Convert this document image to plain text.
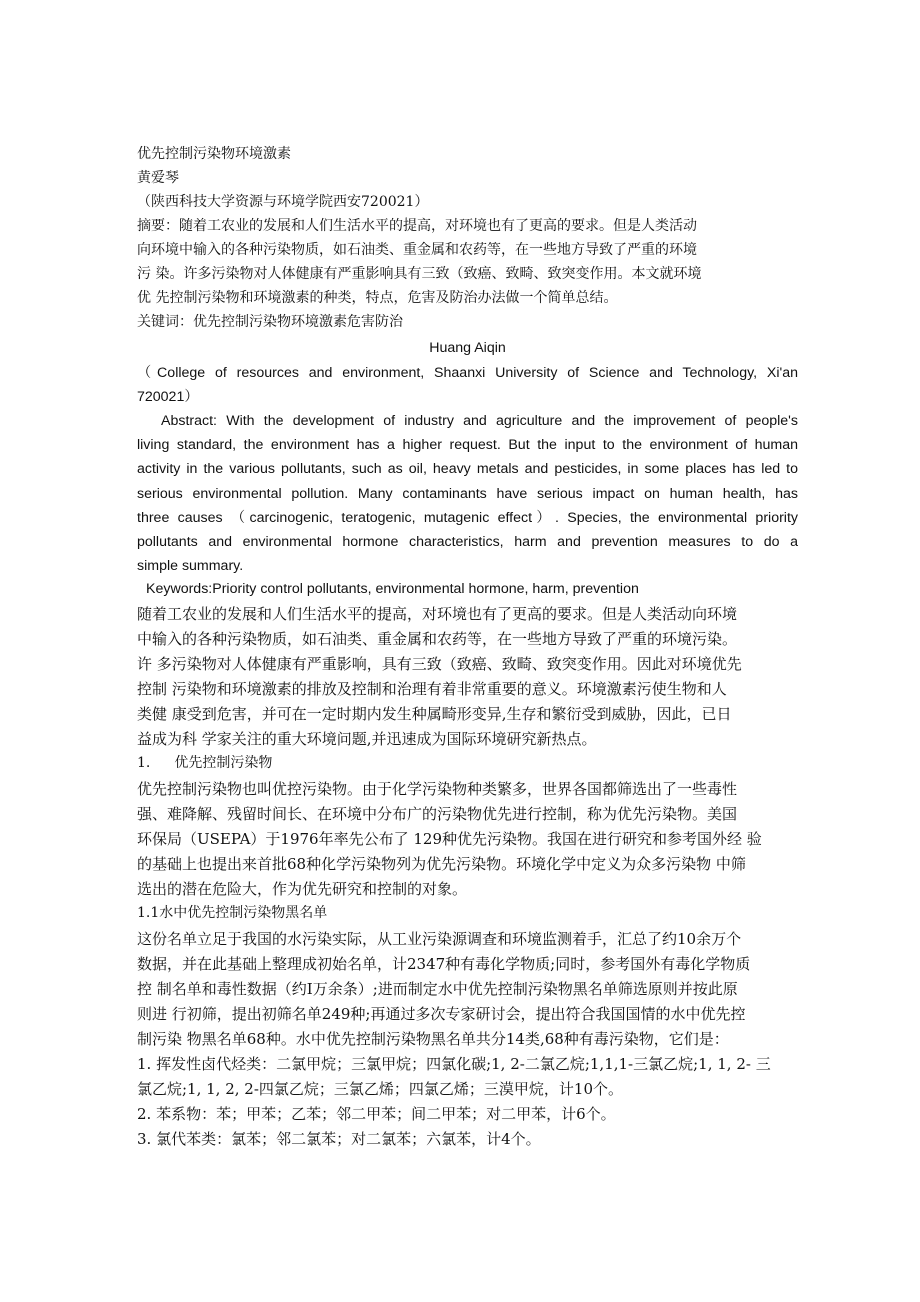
优先控制污染物环境激素
黄爱琴
（陕西科技大学资源与环境学院西安720021）
摘要：随着工农业的发展和人们生活水平的提高，对环境也有了更高的要求。但是人类活动
向环境中输入的各种污染物质，如石油类、重金属和农药等，在一些地方导致了严重的环境
污 染。许多污染物对人体健康有严重影响具有三致（致癌、致畸、致突变作用。本文就环境
优 先控制污染物和环境激素的种类，特点，危害及防治办法做一个简单总结。
关键词：优先控制污染物环境激素危害防治
Huang Aiqin
（College of resources and environment, Shaanxi University of Science and Technology, Xi'an
720021）
Abstract: With the development of industry and agriculture and the improvement of people's
living standard, the environment has a higher request. But the input to the environment of human
activity in the various pollutants, such as oil, heavy metals and pesticides, in some places has led to
serious environmental pollution. Many contaminants have serious impact on human health, has
three causes （carcinogenic, teratogenic, mutagenic effect）. Species, the environmental priority
pollutants and environmental hormone characteristics, harm and prevention measures to do a
simple summary.
Keywords:Priority control pollutants, environmental hormone, harm, prevention
随着工农业的发展和人们生活水平的提高，对环境也有了更高的要求。但是人类活动向环境
中输入的各种污染物质，如石油类、重金属和农药等，在一些地方导致了严重的环境污染。
许 多污染物对人体健康有严重影响，具有三致（致癌、致畸、致突变作用。因此对环境优先
控制 污染物和环境激素的排放及控制和治理有着非常重要的意义。环境激素污使生物和人
类健 康受到危害，并可在一定时期内发生种属畸形变异,生存和繁衍受到威胁，因此，已日
益成为科 学家关注的重大环境问题,并迅速成为国际环境研究新热点。
1. 优先控制污染物
优先控制污染物也叫优控污染物。由于化学污染物种类繁多，世界各国都筛选出了一些毒性
强、难降解、残留时间长、在环境中分布广的污染物优先进行控制，称为优先污染物。美国
环保局（USEPA）于1976年率先公布了 129种优先污染物。我国在进行研究和参考国外经 验
的基础上也提出来首批68种化学污染物列为优先污染物。环境化学中定义为众多污染物 中筛
选出的潜在危险大，作为优先研究和控制的对象。
1.1水中优先控制污染物黑名单
这份名单立足于我国的水污染实际，从工业污染源调查和环境监测着手，汇总了约10余万个
数据，并在此基础上整理成初始名单，计2347种有毒化学物质;同时，参考国外有毒化学物质
控 制名单和毒性数据（约I万余条）;进而制定水中优先控制污染物黑名单筛选原则并按此原
则进 行初筛，提出初筛名单249种;再通过多次专家研讨会，提出符合我国国情的水中优先控
制污染 物黑名单68种。水中优先控制污染物黑名单共分14类,68种有毒污染物，它们是：
1. 挥发性卤代烃类：二氯甲烷；三氯甲烷；四氯化碳;1, 2-二氯乙烷;1,1,1-三氯乙烷;1, 1, 2- 三
氯乙烷;1, 1, 2, 2-四氯乙烷；三氯乙烯；四氯乙烯；三漠甲烷，计10个。
2. 苯系物：苯；甲苯；乙苯；邻二甲苯；间二甲苯；对二甲苯，计6个。
3. 氯代苯类：氯苯；邻二氯苯；对二氯苯；六氯苯，计4个。
